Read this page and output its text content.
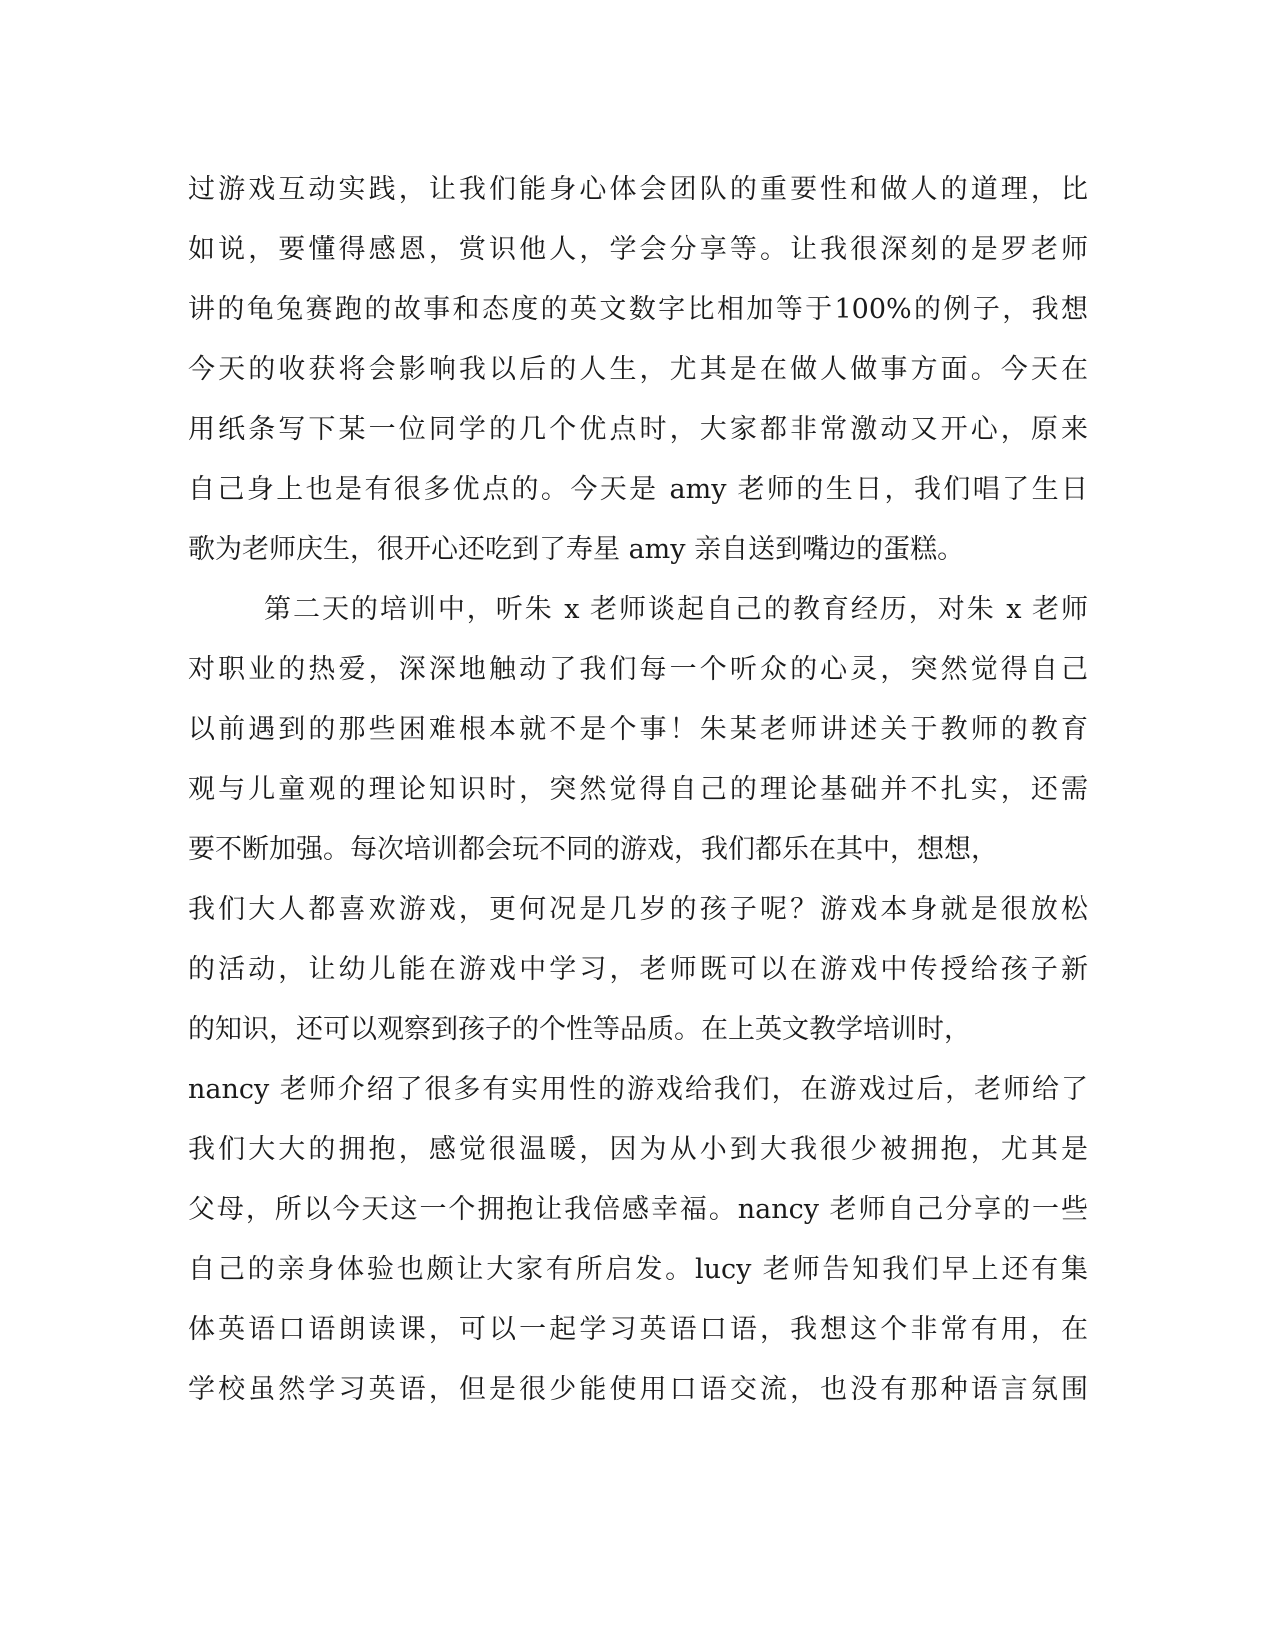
过游戏互动实践，让我们能身心体会团队的重要性和做人的道理，比
如说，要懂得感恩，赏识他人，学会分享等。让我很深刻的是罗老师
讲的龟兔赛跑的故事和态度的英文数字比相加等于100%的例子，我想
今天的收获将会影响我以后的人生，尤其是在做人做事方面。今天在
用纸条写下某一位同学的几个优点时，大家都非常激动又开心，原来
自己身上也是有很多优点的。今天是 amy 老师的生日，我们唱了生日
歌为老师庆生，很开心还吃到了寿星 amy 亲自送到嘴边的蛋糕。
第二天的培训中，听朱 x 老师谈起自己的教育经历，对朱 x 老师
对职业的热爱，深深地触动了我们每一个听众的心灵，突然觉得自己
以前遇到的那些困难根本就不是个事！朱某老师讲述关于教师的教育
观与儿童观的理论知识时，突然觉得自己的理论基础并不扎实，还需
要不断加强。每次培训都会玩不同的游戏，我们都乐在其中，想想，
我们大人都喜欢游戏，更何况是几岁的孩子呢？游戏本身就是很放松
的活动，让幼儿能在游戏中学习，老师既可以在游戏中传授给孩子新
的知识，还可以观察到孩子的个性等品质。在上英文教学培训时，
nancy 老师介绍了很多有实用性的游戏给我们，在游戏过后，老师给了
我们大大的拥抱，感觉很温暖，因为从小到大我很少被拥抱，尤其是
父母，所以今天这一个拥抱让我倍感幸福。nancy 老师自己分享的一些
自己的亲身体验也颇让大家有所启发。lucy 老师告知我们早上还有集
体英语口语朗读课，可以一起学习英语口语，我想这个非常有用，在
学校虽然学习英语，但是很少能使用口语交流，也没有那种语言氛围
